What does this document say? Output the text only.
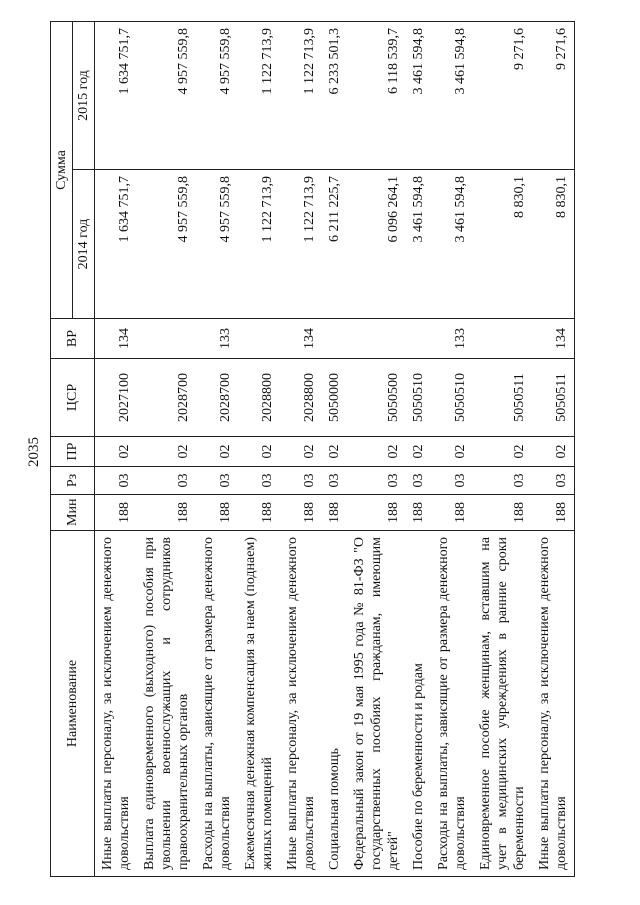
2035
Наименование	Мин	Рз	ПР	ЦСР	ВР	Сумма	
						2014 год	2015 год
Иные выплаты персоналу, за исключением денежного довольствия	188	03	02	2027100	134	1 634 751,7	1 634 751,7
Выплата единовременного (выходного) пособия при увольнении военнослужащих и сотрудников правоохранительных органов	188	03	02	2028700		4 957 559,8	4 957 559,8
Расходы на выплаты, зависящие от размера денежного довольствия	188	03	02	2028700	133	4 957 559,8	4 957 559,8
Ежемесячная денежная компенсация за наем (поднаем) жилых помещений	188	03	02	2028800		1 122 713,9	1 122 713,9
Иные выплаты персоналу, за исключением денежного довольствия	188	03	02	2028800	134	1 122 713,9	1 122 713,9
Социальная помощь	188	03	02	5050000		6 211 225,7	6 233 501,3
Федеральный закон от 19 мая 1995 года № 81-ФЗ "О государственных пособиях гражданам, имеющим детей"	188	03	02	5050500		6 096 264,1	6 118 539,7
Пособие по беременности и родам	188	03	02	5050510		3 461 594,8	3 461 594,8
Расходы на выплаты, зависящие от размера денежного довольствия	188	03	02	5050510	133	3 461 594,8	3 461 594,8
Единовременное пособие женщинам, вставшим на учет в медицинских учреждениях в ранние сроки беременности	188	03	02	5050511		8 830,1	9 271,6
Иные выплаты персоналу, за исключением денежного довольствия	188	03	02	5050511	134	8 830,1	9 271,6
